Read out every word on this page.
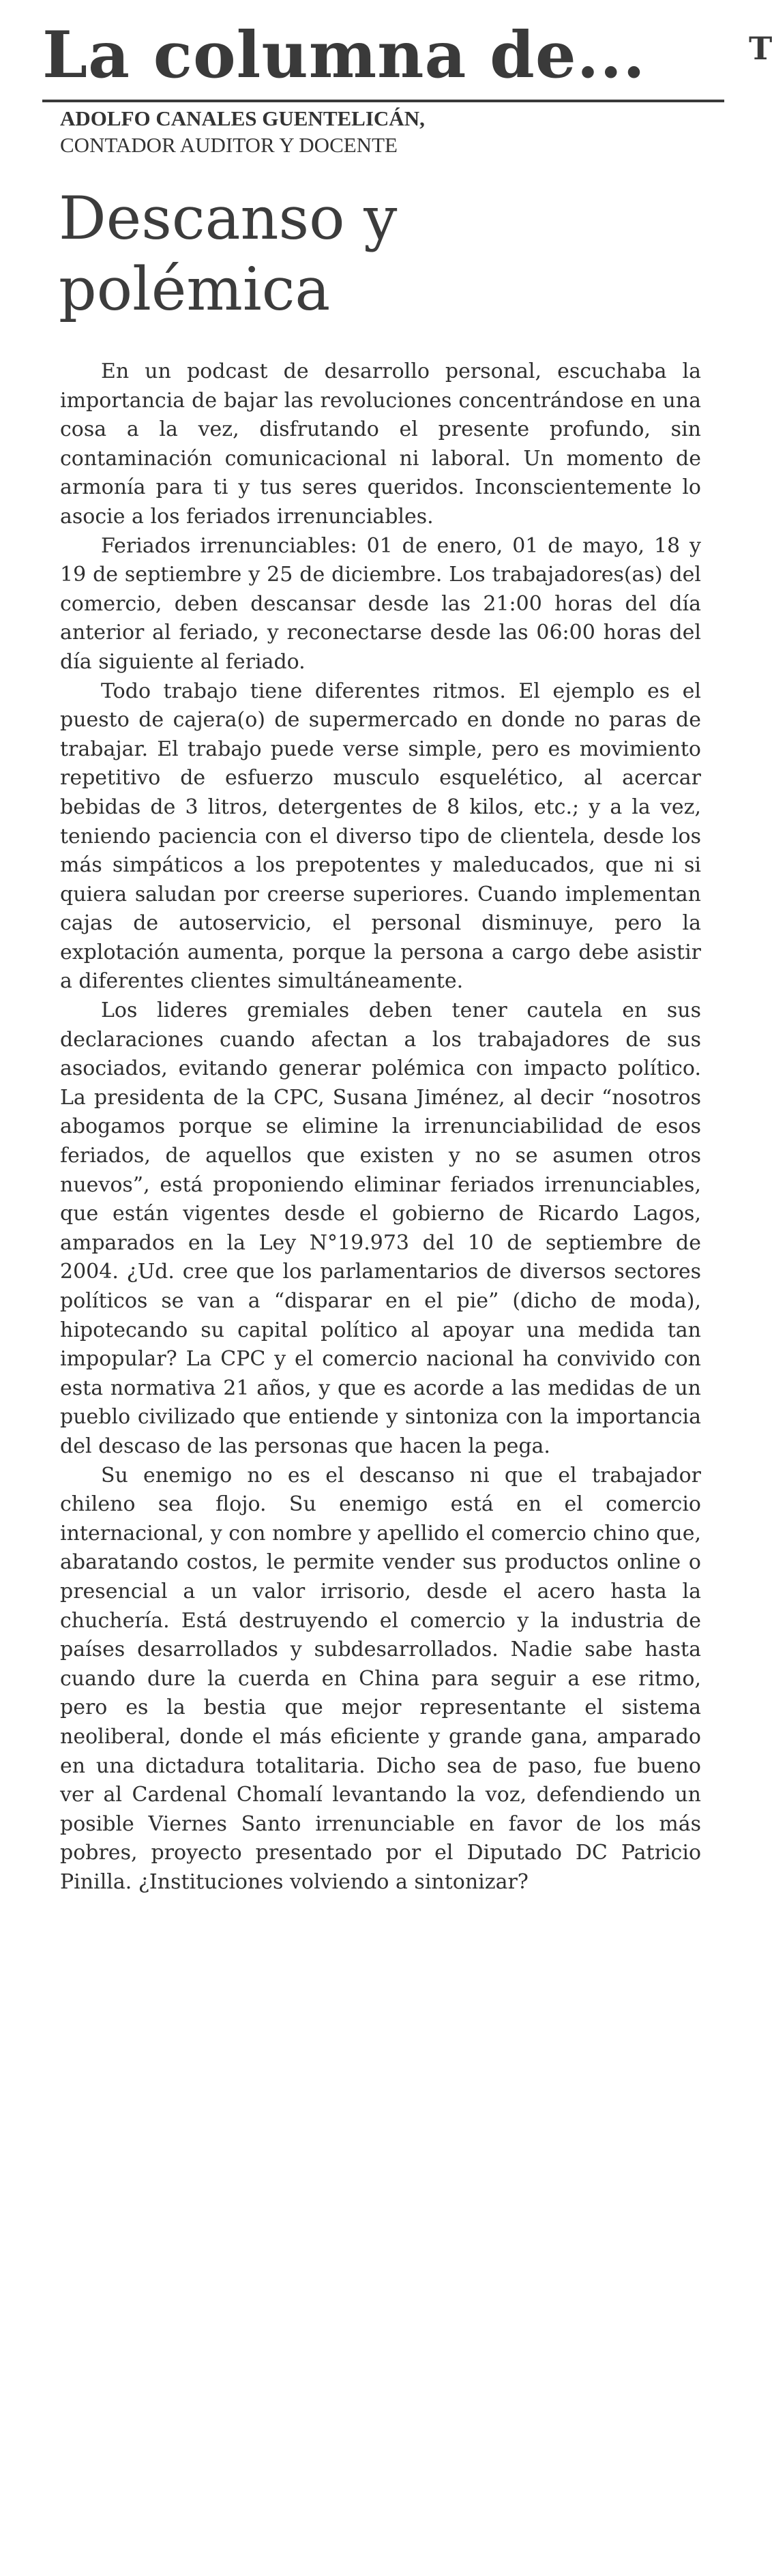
La columna de...	T
ADOLFO CANALES GUENTELICÁN,
CONTADOR AUDITOR Y DOCENTE
Descanso y polémica

En un podcast de desarrollo personal, escuchaba la importancia de bajar las revoluciones concentrándose en una cosa a la vez, disfrutando el presente profundo, sin contaminación comunicacional ni laboral. Un momento de armonía para ti y tus seres queridos. Inconscientemente lo asocie a los feriados irrenunciables.

Feriados irrenunciables: 01 de enero, 01 de mayo, 18 y 19 de septiembre y 25 de diciembre. Los trabajadores(as) del comercio, deben descansar desde las 21:00 horas del día anterior al feriado, y reconectarse desde las 06:00 horas del día siguiente al feriado.

Todo trabajo tiene diferentes ritmos. El ejemplo es el puesto de cajera(o) de supermercado en donde no paras de trabajar. El trabajo puede verse simple, pero es movimiento repetitivo de esfuerzo musculo esquelético, al acercar bebidas de 3 litros, detergentes de 8 kilos, etc.; y a la vez, teniendo paciencia con el diverso tipo de clientela, desde los más simpáticos a los prepotentes y maleducados, que ni si quiera saludan por creerse superiores. Cuando implementan cajas de autoservicio, el personal disminuye, pero la explotación aumenta, porque la persona a cargo debe asistir a diferentes clientes simultáneamente.

Los lideres gremiales deben tener cautela en sus declaraciones cuando afectan a los trabajadores de sus asociados, evitando generar polémica con impacto político. La presidenta de la CPC, Susana Jiménez, al decir “nosotros abogamos porque se elimine la irrenunciabilidad de esos feriados, de aquellos que existen y no se asumen otros nuevos”, está proponiendo eliminar feriados irrenunciables, que están vigentes desde el gobierno de Ricardo Lagos, amparados en la Ley N°19.973 del 10 de septiembre de 2004. ¿Ud. cree que los parlamentarios de diversos sectores políticos se van a “disparar en el pie” (dicho de moda), hipotecando su capital político al apoyar una medida tan impopular? La CPC y el comercio nacional ha convivido con esta normativa 21 años, y que es acorde a las medidas de un pueblo civilizado que entiende y sintoniza con la importancia del descaso de las personas que hacen la pega.

Su enemigo no es el descanso ni que el trabajador chileno sea flojo. Su enemigo está en el comercio internacional, y con nombre y apellido el comercio chino que, abaratando costos, le permite vender sus productos online o presencial a un valor irrisorio, desde el acero hasta la chuchería. Está destruyendo el comercio y la industria de países desarrollados y subdesarrollados. Nadie sabe hasta cuando dure la cuerda en China para seguir a ese ritmo, pero es la bestia que mejor representante el sistema neoliberal, donde el más eficiente y grande gana, amparado en una dictadura totalitaria. Dicho sea de paso, fue bueno ver al Cardenal Chomalí levantando la voz, defendiendo un posible Viernes Santo irrenunciable en favor de los más pobres, proyecto presentado por el Diputado DC Patricio Pinilla. ¿Instituciones volviendo a sintonizar?
